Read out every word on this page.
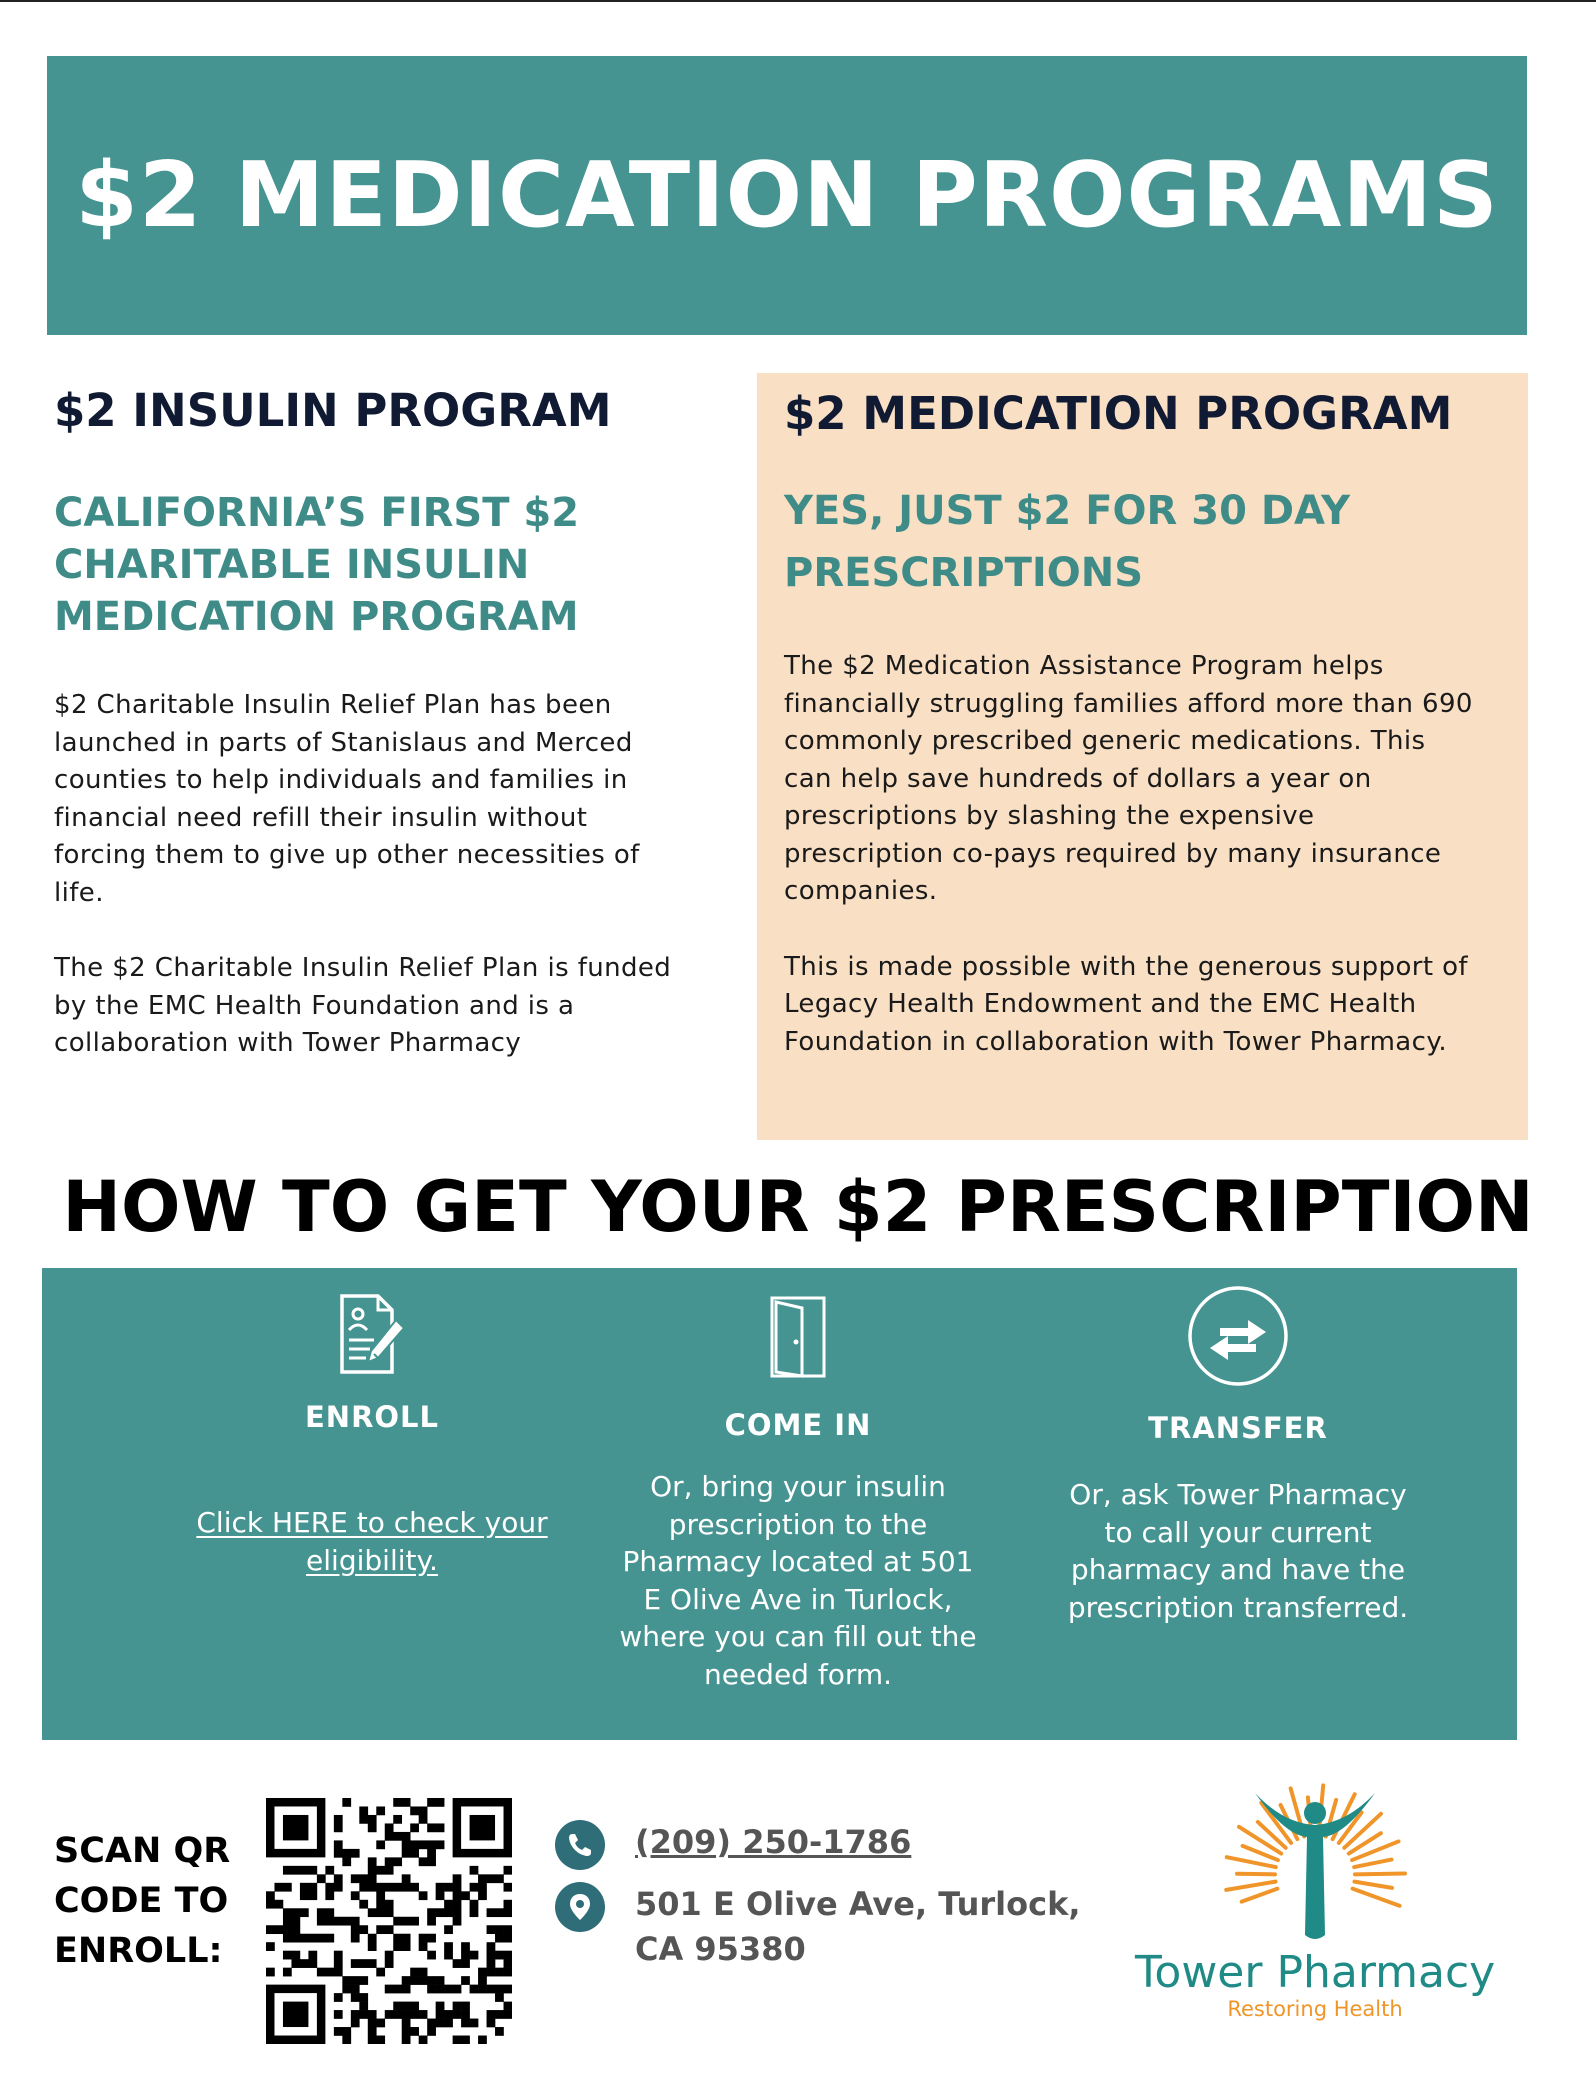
$2 MEDICATION PROGRAMS
$2 INSULIN PROGRAM
CALIFORNIA’S FIRST $2
CHARITABLE INSULIN
MEDICATION PROGRAM
$2 Charitable Insulin Relief Plan has been
launched in parts of Stanislaus and Merced
counties to help individuals and families in
financial need refill their insulin without
forcing them to give up other necessities of
life.
The $2 Charitable Insulin Relief Plan is funded
by the EMC Health Foundation and is a
collaboration with Tower Pharmacy
$2 MEDICATION PROGRAM
YES, JUST $2 FOR 30 DAY
PRESCRIPTIONS
The $2 Medication Assistance Program helps
financially struggling families afford more than 690
commonly prescribed generic medications. This
can help save hundreds of dollars a year on
prescriptions by slashing the expensive
prescription co-pays required by many insurance
companies.
This is made possible with the generous support of
Legacy Health Endowment and the EMC Health
Foundation in collaboration with Tower Pharmacy.
HOW TO GET YOUR $2 PRESCRIPTION
ENROLL
Click HERE to check your
eligibility.
COME IN
Or, bring your insulin
prescription to the
Pharmacy located at 501
E Olive Ave in Turlock,
where you can fill out the
needed form.
TRANSFER
Or, ask Tower Pharmacy
to call your current
pharmacy and have the
prescription transferred.
SCAN QR
CODE TO
ENROLL:
(209) 250-1786
501 E Olive Ave, Turlock,
CA 95380	Tower Pharmacy
Restoring Health
